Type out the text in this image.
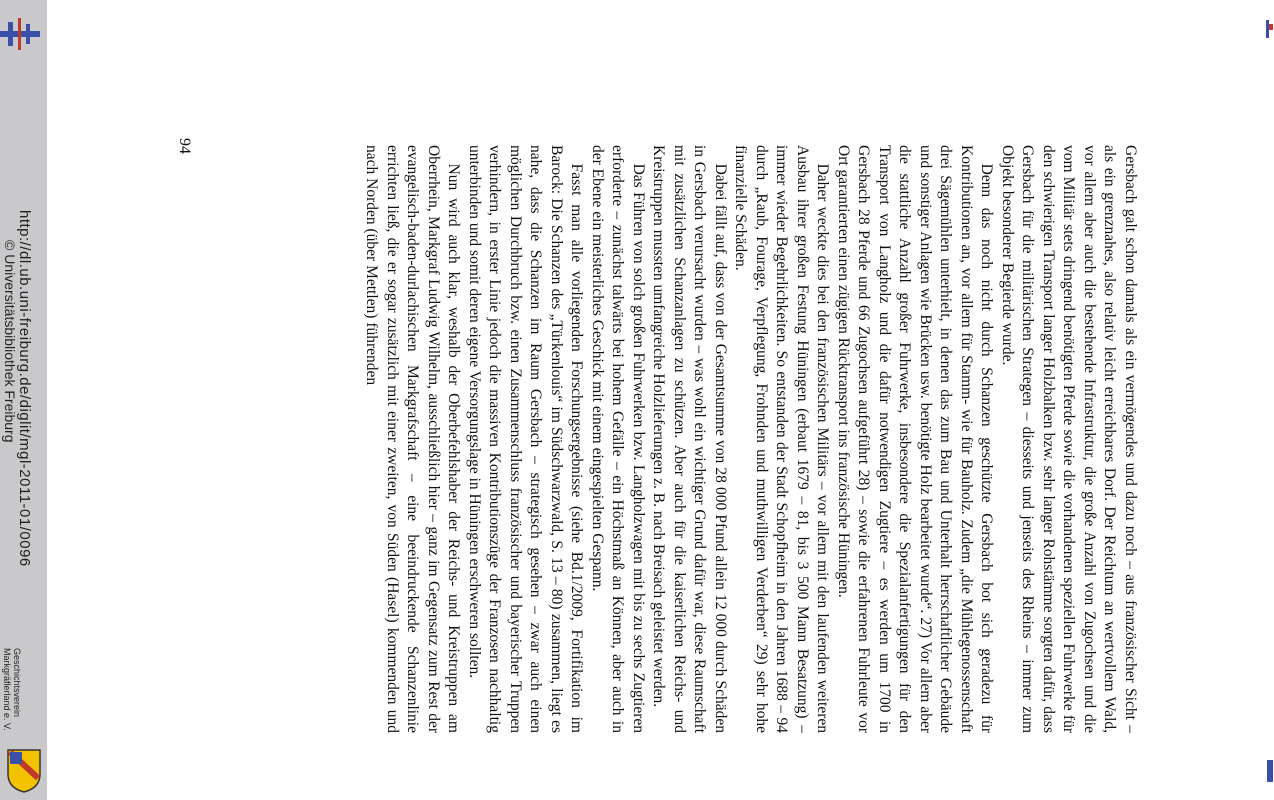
http://dl.ub.uni-freiburg.de/diglit/mgl-2011-01/0096
© Universitätsbibliothek Freiburg
Geschichtsverein
Markgräflerland e. V.
94	Gersbach galt schon damals als ein vermögendes und dazu noch – aus französischer Sicht – als ein grenznahes, also relativ leicht erreichbares Dorf. Der Reichtum an wertvollem Wald, vor allem aber auch die bestehende Infrastruktur, die große Anzahl von Zugochsen und die vom Militär stets dringend benötigten Pferde sowie die vorhandenen speziellen Fuhrwerke für den schwierigen Transport langer Holzbalken bzw. sehr langer Rohstämme sorgten dafür, dass Gersbach für die militärischen Strategen – diesseits und jenseits des Rheins – immer zum Objekt besonderer Begierde wurde.

Denn das noch nicht durch Schanzen geschützte Gersbach bot sich geradezu für Kontributionen an, vor allem für Stamm- wie für Bauholz. Zudem „die Mühlegenossenschaft drei Sägemühlen unterhielt, in denen das zum Bau und Unterhalt herrschaftlicher Gebäude und sonstiger Anlagen wie Brücken usw. benötigte Holz bearbeitet wurde“. 27) Vor allem aber die stattliche Anzahl großer Fuhrwerke, insbesondere die Spezialanfertigungen für den Transport von Langholz und die dafür notwendigen Zugtiere – es werden um 1700 in Gersbach 28 Pferde und 66 Zugochsen aufgeführt 28) – sowie die erfahrenen Fuhrleute vor Ort garantierten einen zügigen Rücktransport ins französische Hüningen.

Daher weckte dies bei den französischen Militärs – vor allem mit den laufenden weiteren Ausbau ihrer großen Festung Hüningen (erbaut 1679 – 81, bis 3 500 Mann Besatzung) – immer wieder Begehrlichkeiten. So entstanden der Stadt Schopfheim in den Jahren 1688 – 94 durch „Raub, Fourage, Verpflegung, Frohnden und muthwilligen Verderben“ 29) sehr hohe finanzielle Schäden.

Dabei fällt auf, dass von der Gesamtsumme von 28 000 Pfund allein 12 000 durch Schäden in Gersbach verursacht wurden – was wohl ein wichtiger Grund dafür war, diese Raumschaft mit zusätzlichen Schanzanlagen zu schützen. Aber auch für die kaiserlichen Reichs- und Kreistruppen mussten umfangreiche Holzlieferungen z. B. nach Breisach geleistet werden.

Das Führen von solch großen Fuhrwerken bzw. Langholzwagen mit bis zu sechs Zugtieren erforderte – zunächst talwärts bei hohem Gefälle – ein Höchstmaß an Können, aber auch in der Ebene ein meisterliches Geschick mit einem eingespielten Gespann.

Fasst man alle vorliegenden Forschungsergebnisse (siehe Bd.1/2009, Fortifikation im Barock: Die Schanzen des „Türkenlouis“ im Südschwarzwald, S. 13 – 80) zusammen, liegt es nahe, dass die Schanzen im Raum Gersbach – strategisch gesehen – zwar auch einen möglichen Durchbruch bzw. einen Zusammenschluss französischer und bayerischer Truppen verhindern, in erster Linie jedoch die massiven Kontributionszüge der Franzosen nachhaltig unterbinden und somit deren eigene Versorgungslage in Hüningen erschweren sollten.

Nun wird auch klar, weshalb der Oberbefehlshaber der Reichs- und Kreistruppen am Oberrhein, Markgraf Ludwig Wilhelm, ausschließlich hier – ganz im Gegensatz zum Rest der evangelisch-baden-durlachischen Markgrafschaft – eine beeindruckende Schanzenlinie errichten ließ, die er sogar zusätzlich mit einer zweiten, von Süden (Hasel) kommenden und nach Norden (über Mettlen) führenden
